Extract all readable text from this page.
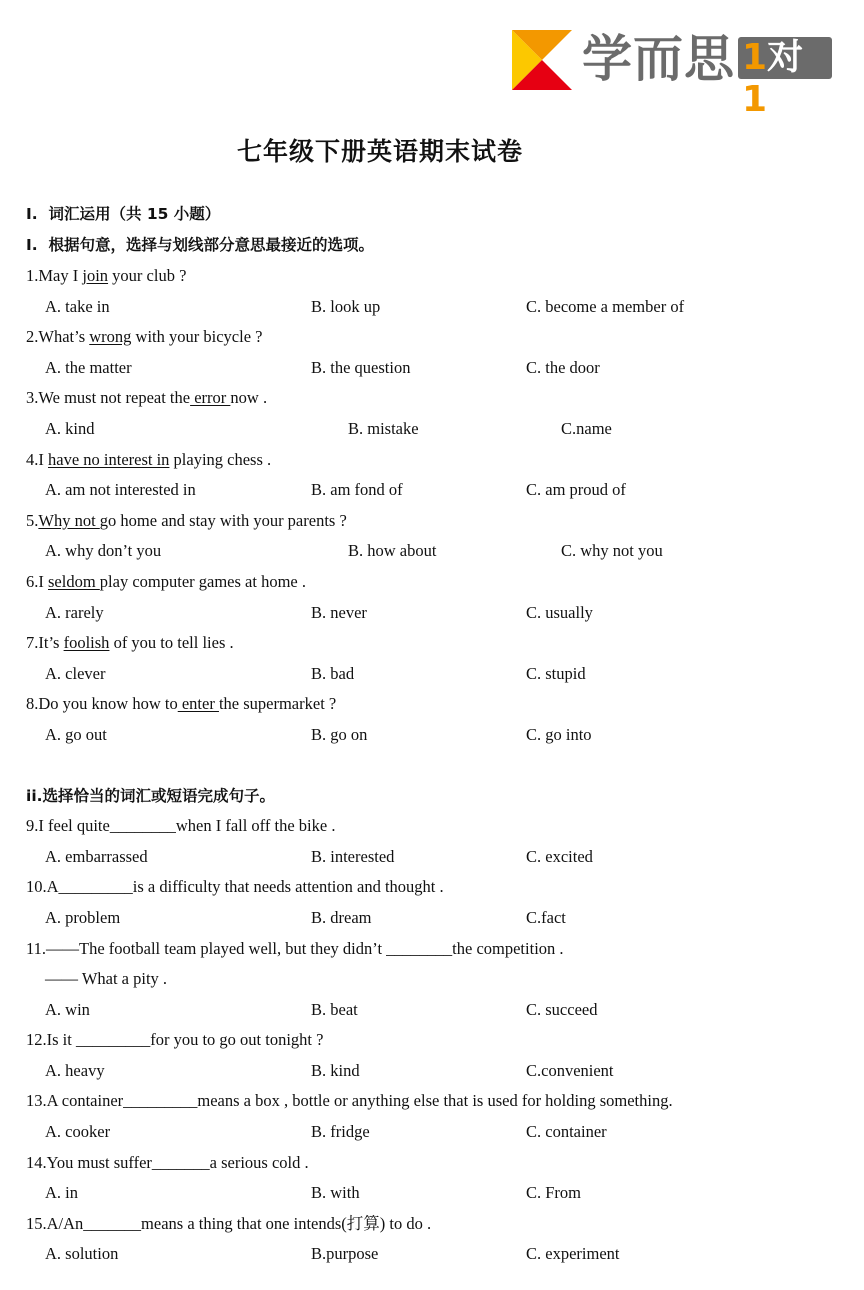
学而思 1对1
七年级下册英语期末试卷
I.  词汇运用（共 15 小题）
I.  根据句意，选择与划线部分意思最接近的选项。
1.May I join your club ?
A. take in	B. look up	C. become a member of
2.What’s wrong with your bicycle ?
A. the matter	B. the question	C. the door
3.We must not repeat the error now .
A. kind	B. mistake	C.name
4.I have no interest in playing chess .
A. am not interested in	B. am fond of	C. am proud of
5.Why not go home and stay with your parents ?
A. why don’t you	B. how about	C. why not you
6.I seldom play computer games at home .
A. rarely	B. never	C. usually
7.It’s foolish of you to tell lies .
A. clever	B. bad	C. stupid
8.Do you know how to enter the supermarket ?
A. go out	B. go on	C. go into
ii.选择恰当的词汇或短语完成句子。
9.I feel quite________when I fall off the bike .
A. embarrassed	B. interested	C. excited
10.A_________is a difficulty that needs attention and thought .
A. problem	B. dream	C.fact
11.——The football team played well, but they didn’t ________the competition .
—— What a pity .
A. win	B. beat	C. succeed
12.Is it _________for you to go out tonight ?
A. heavy	B. kind	C.convenient
13.A container_________means a box , bottle or anything else that is used for holding something.
A. cooker	B. fridge	C. container
14.You must suffer_______a serious cold .
A. in	B. with	C. From
15.A/An_______means a thing that one intends(打算) to do .
A. solution	B.purpose	C. experiment
